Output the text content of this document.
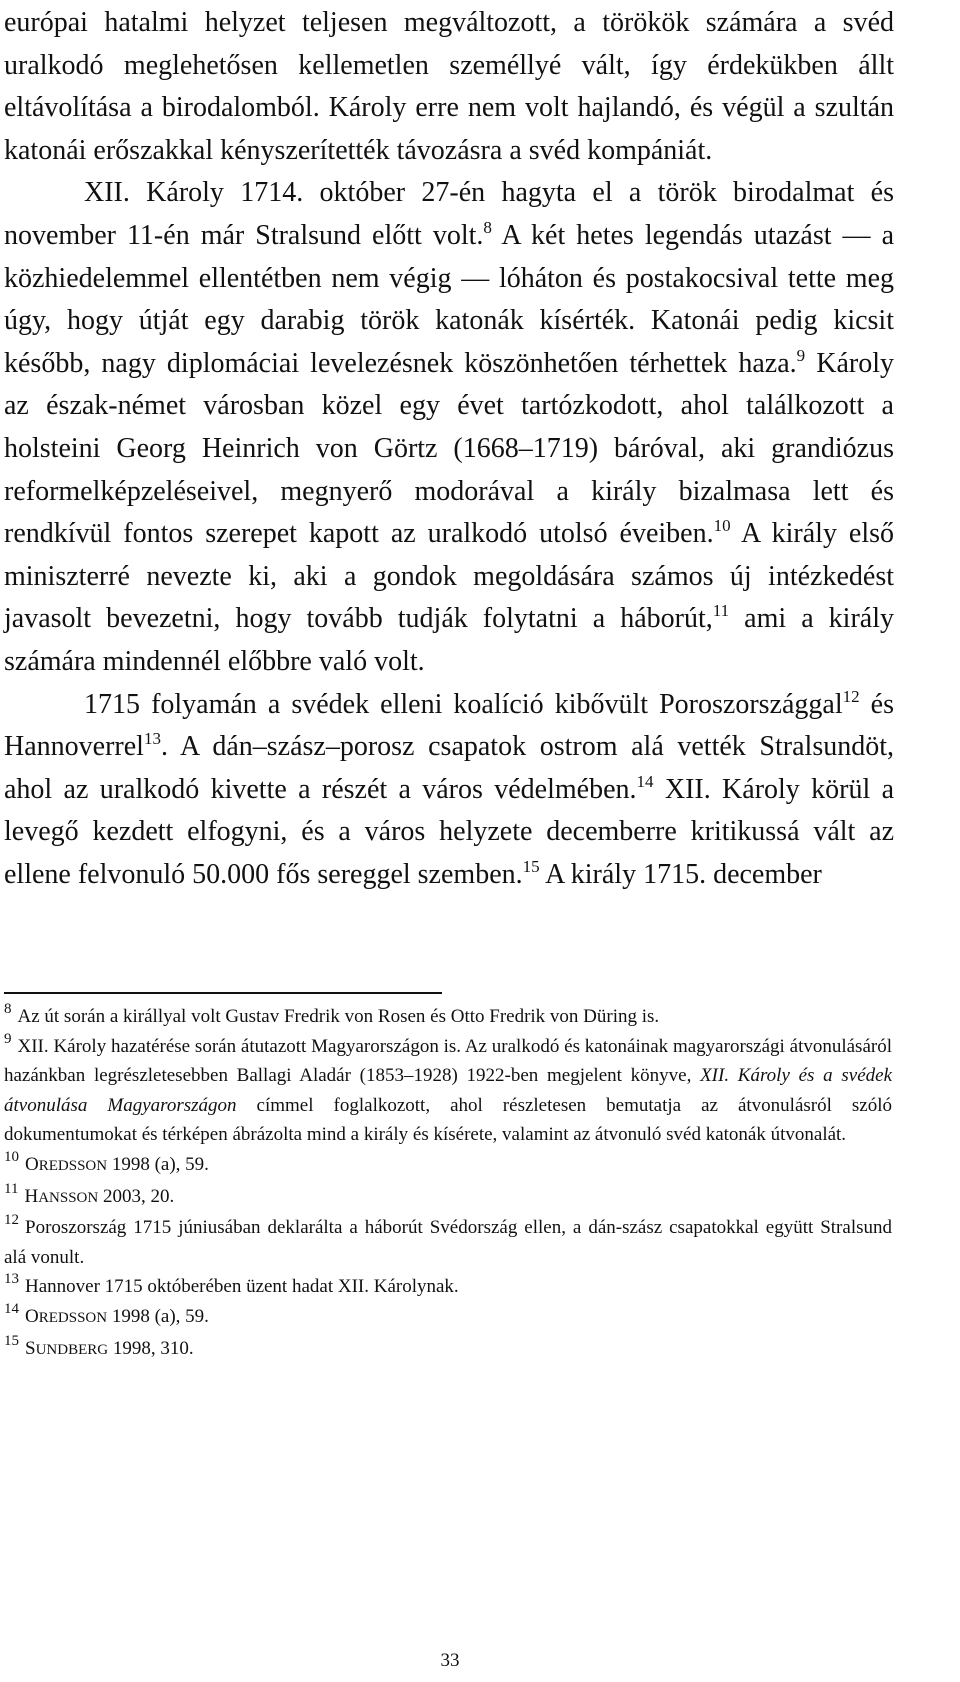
európai hatalmi helyzet teljesen megváltozott, a törökök számára a svéd uralkodó meglehetősen kellemetlen személlyé vált, így érdekükben állt eltávolítása a birodalomból. Károly erre nem volt hajlandó, és végül a szultán katonái erőszakkal kényszerítették távozásra a svéd kompániát.

XII. Károly 1714. október 27-én hagyta el a török birodalmat és november 11-én már Stralsund előtt volt.$^8$ A két hetes legendás utazást — a közhiedelemmel ellentétben nem végig — lóháton és postakocsival tette meg úgy, hogy útját egy darabig török katonák kísérték. Katonái pedig kicsit később, nagy diplomáciai levelezésnek köszönhetően térhettek haza.$^9$ Károly az észak-német városban közel egy évet tartózkodott, ahol találkozott a holsteini Georg Heinrich von Görtz (1668–1719) báróval, aki grandiózus reformelképzeléseivel, megnyerő modorával a király bizalmasa lett és rendkívül fontos szerepet kapott az uralkodó utolsó éveiben.$^{10}$ A király első miniszterré nevezte ki, aki a gondok megoldására számos új intézkedést javasolt bevezetni, hogy tovább tudják folytatni a háborút,$^{11}$ ami a király számára mindennél előbbre való volt.

1715 folyamán a svédek elleni koalíció kibővült Poroszországgal$^{12}$ és Hannoverrel$^{13}$. A dán–szász–porosz csapatok ostrom alá vették Stralsundöt, ahol az uralkodó kivette a részét a város védelmében.$^{14}$ XII. Károly körül a levegő kezdett elfogyni, és a város helyzete decemberre kritikussá vált az ellene felvonuló 50.000 fős sereggel szemben.$^{15}$ A király 1715. december

$^8$ Az út során a királlyal volt Gustav Fredrik von Rosen és Otto Fredrik von Düring is.

$^9$ XII. Károly hazatérése során átutazott Magyarországon is. Az uralkodó és katonáinak magyarországi átvonulásáról hazánkban legrészletesebben Ballagi Aladár (1853–1928) 1922-ben megjelent könyve, XII. Károly és a svédek átvonulása Magyarországon címmel foglalkozott, ahol részletesen bemutatja az átvonulásról szóló dokumentumokat és térképen ábrázolta mind a király és kísérete, valamint az átvonuló svéd katonák útvonalát.

$^{10}$ OREDSSON 1998 (a), 59.

$^{11}$ HANSSON 2003, 20.

$^{12}$ Poroszország 1715 júniusában deklarálta a háborút Svédország ellen, a dán-szász csapatokkal együtt Stralsund alá vonult.

$^{13}$ Hannover 1715 októberében üzent hadat XII. Károlynak.

$^{14}$ OREDSSON 1998 (a), 59.

$^{15}$ SUNDBERG 1998, 310.

33
